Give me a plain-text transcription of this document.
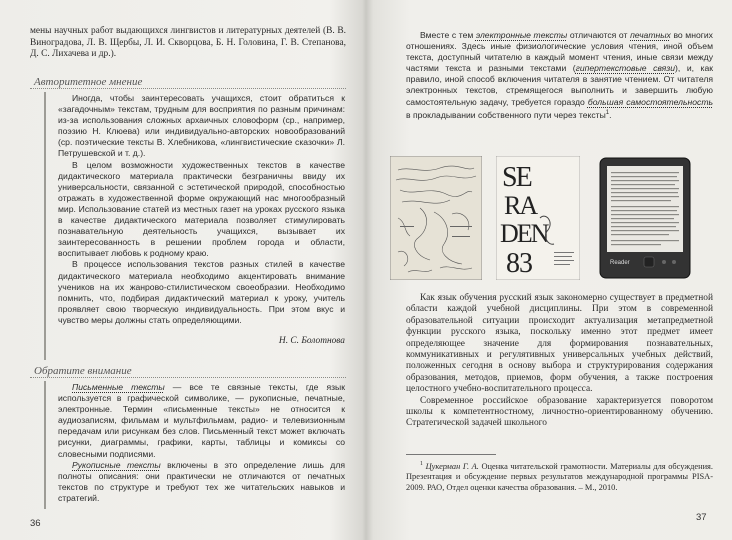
мены научных работ выдающихся лингвистов и литературных деятелей (В. В. Виноградова, Л. В. Щербы, Л. И. Скворцова, Б. Н. Головина, Г. В. Степанова, Д. С. Лихачева и др.).

Авторитетное мнение

Иногда, чтобы заинтересовать учащихся, стоит обратиться к «загадочным» текстам, трудным для восприятия по разным причинам: из-за использования сложных архаичных словоформ (ср., например, поэзию Н. Клюева) или индивидуально-авторских новообразований (ср. поэтические тексты В. Хлебникова, «лингвистические сказочки» Л. Петрушевской и т. д.).

В целом возможности художественных текстов в качестве дидактического материала практически безграничны ввиду их универсальности, связанной с эстетической природой, способностью отражать в художественной форме окружающий нас многообразный мир. Использование статей из местных газет на уроках русского языка в качестве дидактического материала позволяет стимулировать познавательную деятельность учащихся, вызывает их заинтересованность в решении проблем города и области, воспитывает любовь к родному краю.

В процессе использования текстов разных стилей в качестве дидактического материала необходимо акцентировать внимание учеников на их жанрово-стилистическом своеобразии. Необходимо помнить, что, подбирая дидактический материал к уроку, учитель проявляет свою творческую индивидуальность. При этом вкус и чувство меры должны стать определяющими.

Н. С. Болотнова
Обратите внимание

Письменные тексты — все те связные тексты, где язык используется в графической символике, — рукописные, печатные, электронные. Термин «письменные тексты» не относится к аудиозаписям, фильмам и мультфильмам, радио- и телевизионным передачам или рисункам без слов. Письменный текст может включать рисунки, диаграммы, графики, карты, таблицы и комиксы со словесными подписями.

Рукописные тексты включены в это определение лишь для полноты описания: они практически не отличаются от печатных текстов по структуре и требуют тех же читательских навыков и стратегий.

36

Вместе с тем электронные тексты отличаются от печатных во многих отношениях. Здесь иные физиологические условия чтения, иной объем текста, доступный читателю в каждый момент чтения, иные связи между частями текста и разными текстами (гипертекстовые связи), и, как правило, иной способ включения читателя в занятие чтением. От читателя электронных текстов, стремящегося выполнить и завершить любую самостоятельную задачу, требуется гораздо большая самостоятельность в прокладывании собственного пути через тексты$^1$.

SE
RA
DEN
83	Reader

Как язык обучения русский язык закономерно существует в предметной области каждой учебной дисциплины. При этом в современной образовательной ситуации происходит актуализация метапредметной функции русского языка, поскольку именно этот предмет имеет определяющее значение для формирования познавательных, коммуникативных и регулятивных универсальных учебных действий, положенных сегодня в основу выбора и структурирования содержания образования, методов, приемов, форм обучения, а также построения целостного учебно-воспитательного процесса.

Современное российское образование характеризуется поворотом школы к компетентностному, личностно-ориентированному обучению. Стратегической задачей школьного

$^1$ Цукерман Г. А. Оценка читательской грамотности. Материалы для обсуждения. Презентация и обсуждение первых результатов международной программы PISA-2009. РАО, Отдел оценки качества образования. – М., 2010.

37
